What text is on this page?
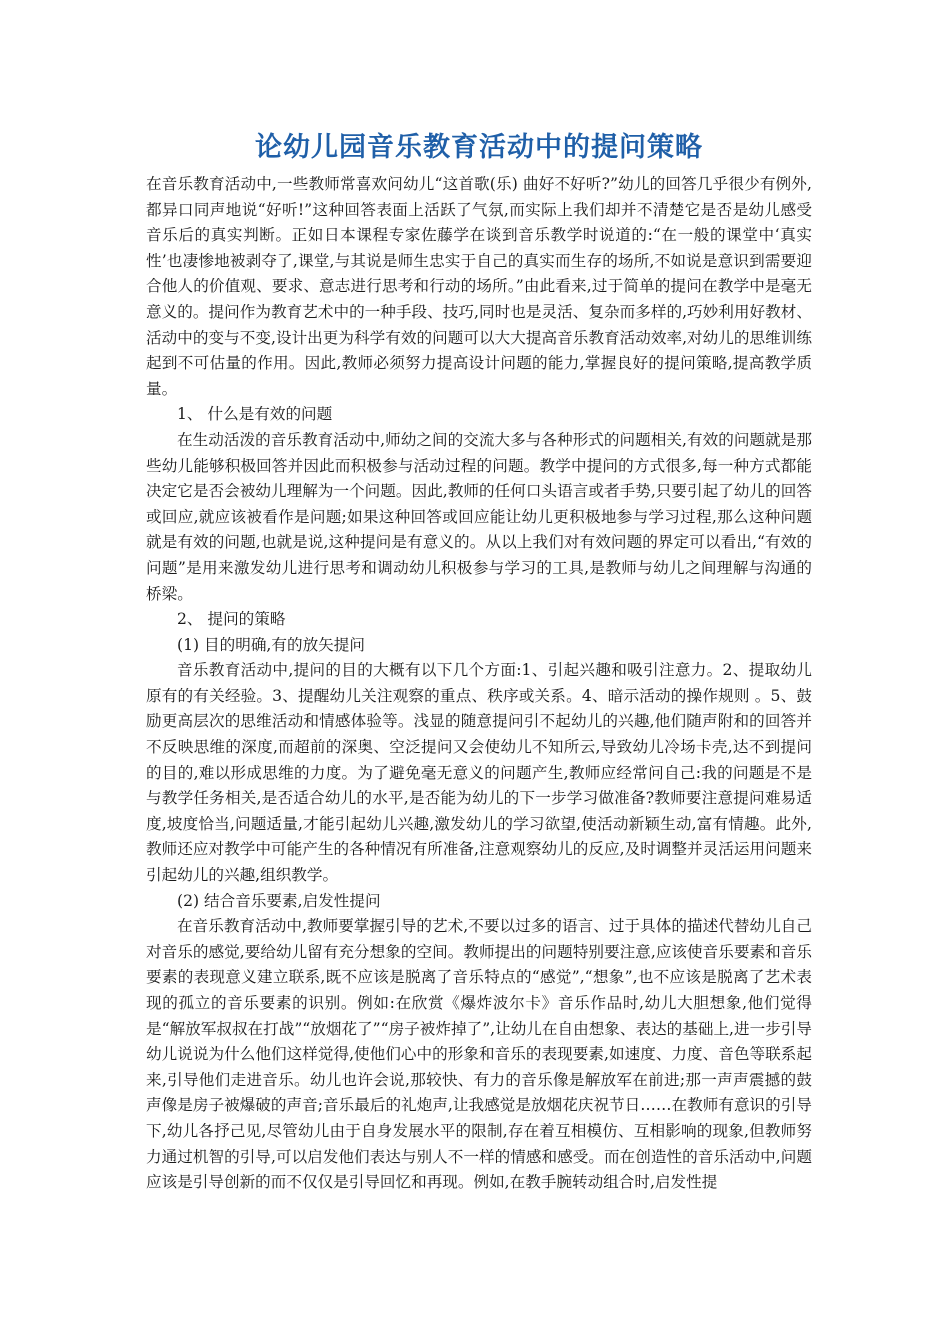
论幼儿园音乐教育活动中的提问策略

在音乐教育活动中,一些教师常喜欢问幼儿“这首歌(乐) 曲好不好听?”幼儿的回答几乎很少有例外,都异口同声地说“好听!”这种回答表面上活跃了气氛,而实际上我们却并不清楚它是否是幼儿感受音乐后的真实判断。正如日本课程专家佐藤学在谈到音乐教学时说道的:“在一般的课堂中‘真实性’也凄惨地被剥夺了,课堂,与其说是师生忠实于自己的真实而生存的场所,不如说是意识到需要迎合他人的价值观、要求、意志进行思考和行动的场所。”由此看来,过于简单的提问在教学中是毫无意义的。提问作为教育艺术中的一种手段、技巧,同时也是灵活、复杂而多样的,巧妙利用好教材、活动中的变与不变,设计出更为科学有效的问题可以大大提高音乐教育活动效率,对幼儿的思维训练起到不可估量的作用。因此,教师必须努力提高设计问题的能力,掌握良好的提问策略,提高教学质量。

1、 什么是有效的问题

在生动活泼的音乐教育活动中,师幼之间的交流大多与各种形式的问题相关,有效的问题就是那些幼儿能够积极回答并因此而积极参与活动过程的问题。教学中提问的方式很多,每一种方式都能决定它是否会被幼儿理解为一个问题。因此,教师的任何口头语言或者手势,只要引起了幼儿的回答或回应,就应该被看作是问题;如果这种回答或回应能让幼儿更积极地参与学习过程,那么这种问题就是有效的问题,也就是说,这种提问是有意义的。从以上我们对有效问题的界定可以看出,“有效的问题”是用来激发幼儿进行思考和调动幼儿积极参与学习的工具,是教师与幼儿之间理解与沟通的桥梁。

2、 提问的策略

(1) 目的明确,有的放矢提问

音乐教育活动中,提问的目的大概有以下几个方面:1、引起兴趣和吸引注意力。2、提取幼儿原有的有关经验。3、提醒幼儿关注观察的重点、秩序或关系。4、暗示活动的操作规则 。5、鼓励更高层次的思维活动和情感体验等。浅显的随意提问引不起幼儿的兴趣,他们随声附和的回答并不反映思维的深度,而超前的深奥、空泛提问又会使幼儿不知所云,导致幼儿冷场卡壳,达不到提问的目的,难以形成思维的力度。为了避免毫无意义的问题产生,教师应经常问自己:我的问题是不是与教学任务相关,是否适合幼儿的水平,是否能为幼儿的下一步学习做准备?教师要注意提问难易适度,坡度恰当,问题适量,才能引起幼儿兴趣,激发幼儿的学习欲望,使活动新颖生动,富有情趣。此外,教师还应对教学中可能产生的各种情况有所准备,注意观察幼儿的反应,及时调整并灵活运用问题来引起幼儿的兴趣,组织教学。

(2) 结合音乐要素,启发性提问

在音乐教育活动中,教师要掌握引导的艺术,不要以过多的语言、过于具体的描述代替幼儿自己对音乐的感觉,要给幼儿留有充分想象的空间。教师提出的问题特别要注意,应该使音乐要素和音乐要素的表现意义建立联系,既不应该是脱离了音乐特点的“感觉”,“想象”,也不应该是脱离了艺术表现的孤立的音乐要素的识别。例如:在欣赏《爆炸波尔卡》音乐作品时,幼儿大胆想象,他们觉得是“解放军叔叔在打战”“放烟花了”“房子被炸掉了”,让幼儿在自由想象、表达的基础上,进一步引导幼儿说说为什么他们这样觉得,使他们心中的形象和音乐的表现要素,如速度、力度、音色等联系起来,引导他们走进音乐。幼儿也许会说,那较快、有力的音乐像是解放军在前进;那一声声震撼的鼓声像是房子被爆破的声音;音乐最后的礼炮声,让我感觉是放烟花庆祝节日……在教师有意识的引导下,幼儿各抒己见,尽管幼儿由于自身发展水平的限制,存在着互相模仿、互相影响的现象,但教师努力通过机智的引导,可以启发他们表达与别人不一样的情感和感受。而在创造性的音乐活动中,问题应该是引导创新的而不仅仅是引导回忆和再现。例如,在教手腕转动组合时,启发性提
